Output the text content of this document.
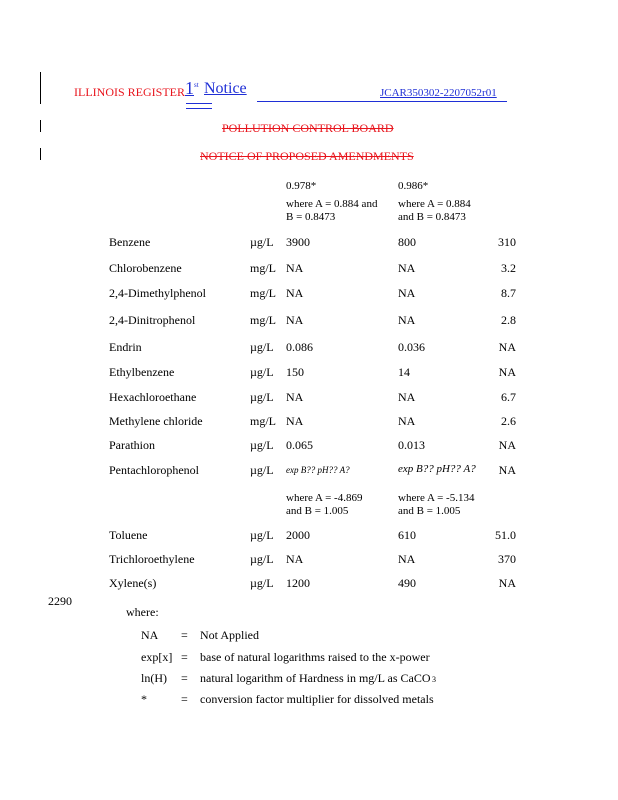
ILLINOIS REGISTER 1 st Notice	JCAR350302-2207052r01
POLLUTION CONTROL BOARD
NOTICE OF PROPOSED AMENDMENTS
0.978*	0.986*
where A = 0.884 and
B = 0.8473
where A = 0.884
and B = 0.8473
Benzene	µg/L 3900	800	310
Chlorobenzene	mg/L NA	NA	3.2
2,4-Dimethylphenol	mg/L NA	NA	8.7
2,4-Dinitrophenol	mg/L NA	NA	2.8
Endrin	µg/L 0.086	0.036	NA
Ethylbenzene	µg/L 150	14	NA
Hexachloroethane	µg/L NA	NA	6.7
Methylene chloride	mg/L NA	NA	2.6
Parathion	µg/L 0.065	0.013	NA
Pentachlorophenol	µg/L exp B?? pH?? A?	exp B?? pH?? A?	NA
where A = -4.869
and B = 1.005
where A = -5.134
and B = 1.005
Toluene	µg/L 2000	610	51.0
Trichloroethylene	µg/L NA	NA	370
Xylene(s)	µg/L 1200	490	NA
2290
where:
NA = Not Applied
exp[x] = base of natural logarithms raised to the x-power
ln(H) = natural logarithm of Hardness in mg/L as CaCO 3
*	= conversion factor multiplier for dissolved metals
